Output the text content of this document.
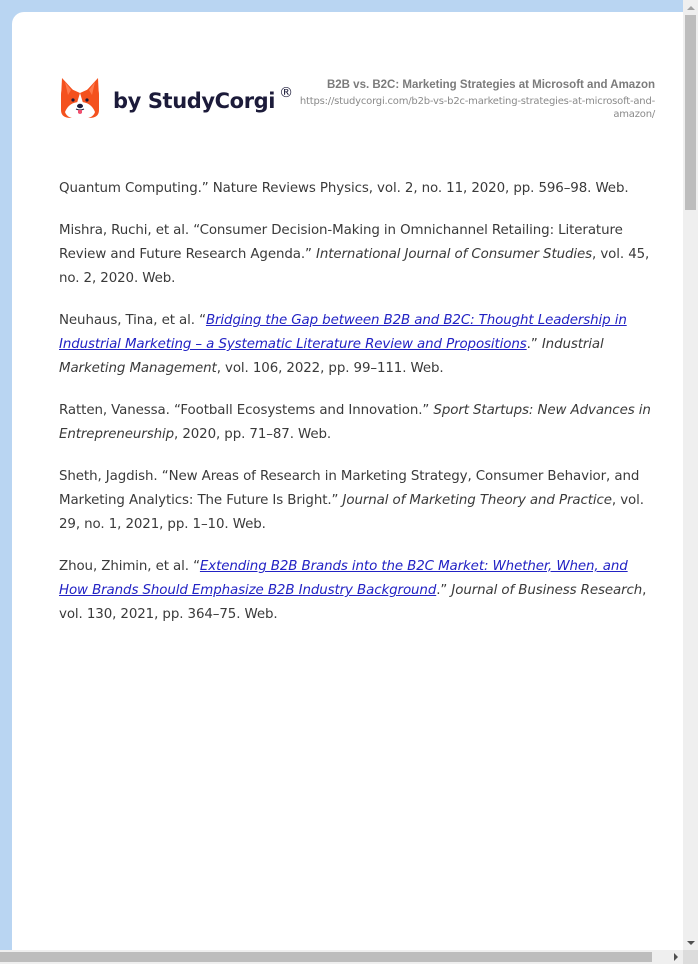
by StudyCorgi ®	B2B vs. B2C: Marketing Strategies at Microsoft and Amazon
https://studycorgi.com/b2b-vs-b2c-marketing-strategies-at-microsoft-and-amazon/

Quantum Computing.” Nature Reviews Physics, vol. 2, no. 11, 2020, pp. 596–98. Web.

Mishra, Ruchi, et al. “Consumer Decision-Making in Omnichannel Retailing: Literature Review and Future Research Agenda.” International Journal of Consumer Studies, vol. 45, no. 2, 2020. Web.

Neuhaus, Tina, et al. “Bridging the Gap between B2B and B2C: Thought Leadership in Industrial Marketing – a Systematic Literature Review and Propositions.” Industrial Marketing Management, vol. 106, 2022, pp. 99–111. Web.

Ratten, Vanessa. “Football Ecosystems and Innovation.” Sport Startups: New Advances in Entrepreneurship, 2020, pp. 71–87. Web.

Sheth, Jagdish. “New Areas of Research in Marketing Strategy, Consumer Behavior, and Marketing Analytics: The Future Is Bright.” Journal of Marketing Theory and Practice, vol. 29, no. 1, 2021, pp. 1–10. Web.

Zhou, Zhimin, et al. “Extending B2B Brands into the B2C Market: Whether, When, and How Brands Should Emphasize B2B Industry Background.” Journal of Business Research, vol. 130, 2021, pp. 364–75. Web.
